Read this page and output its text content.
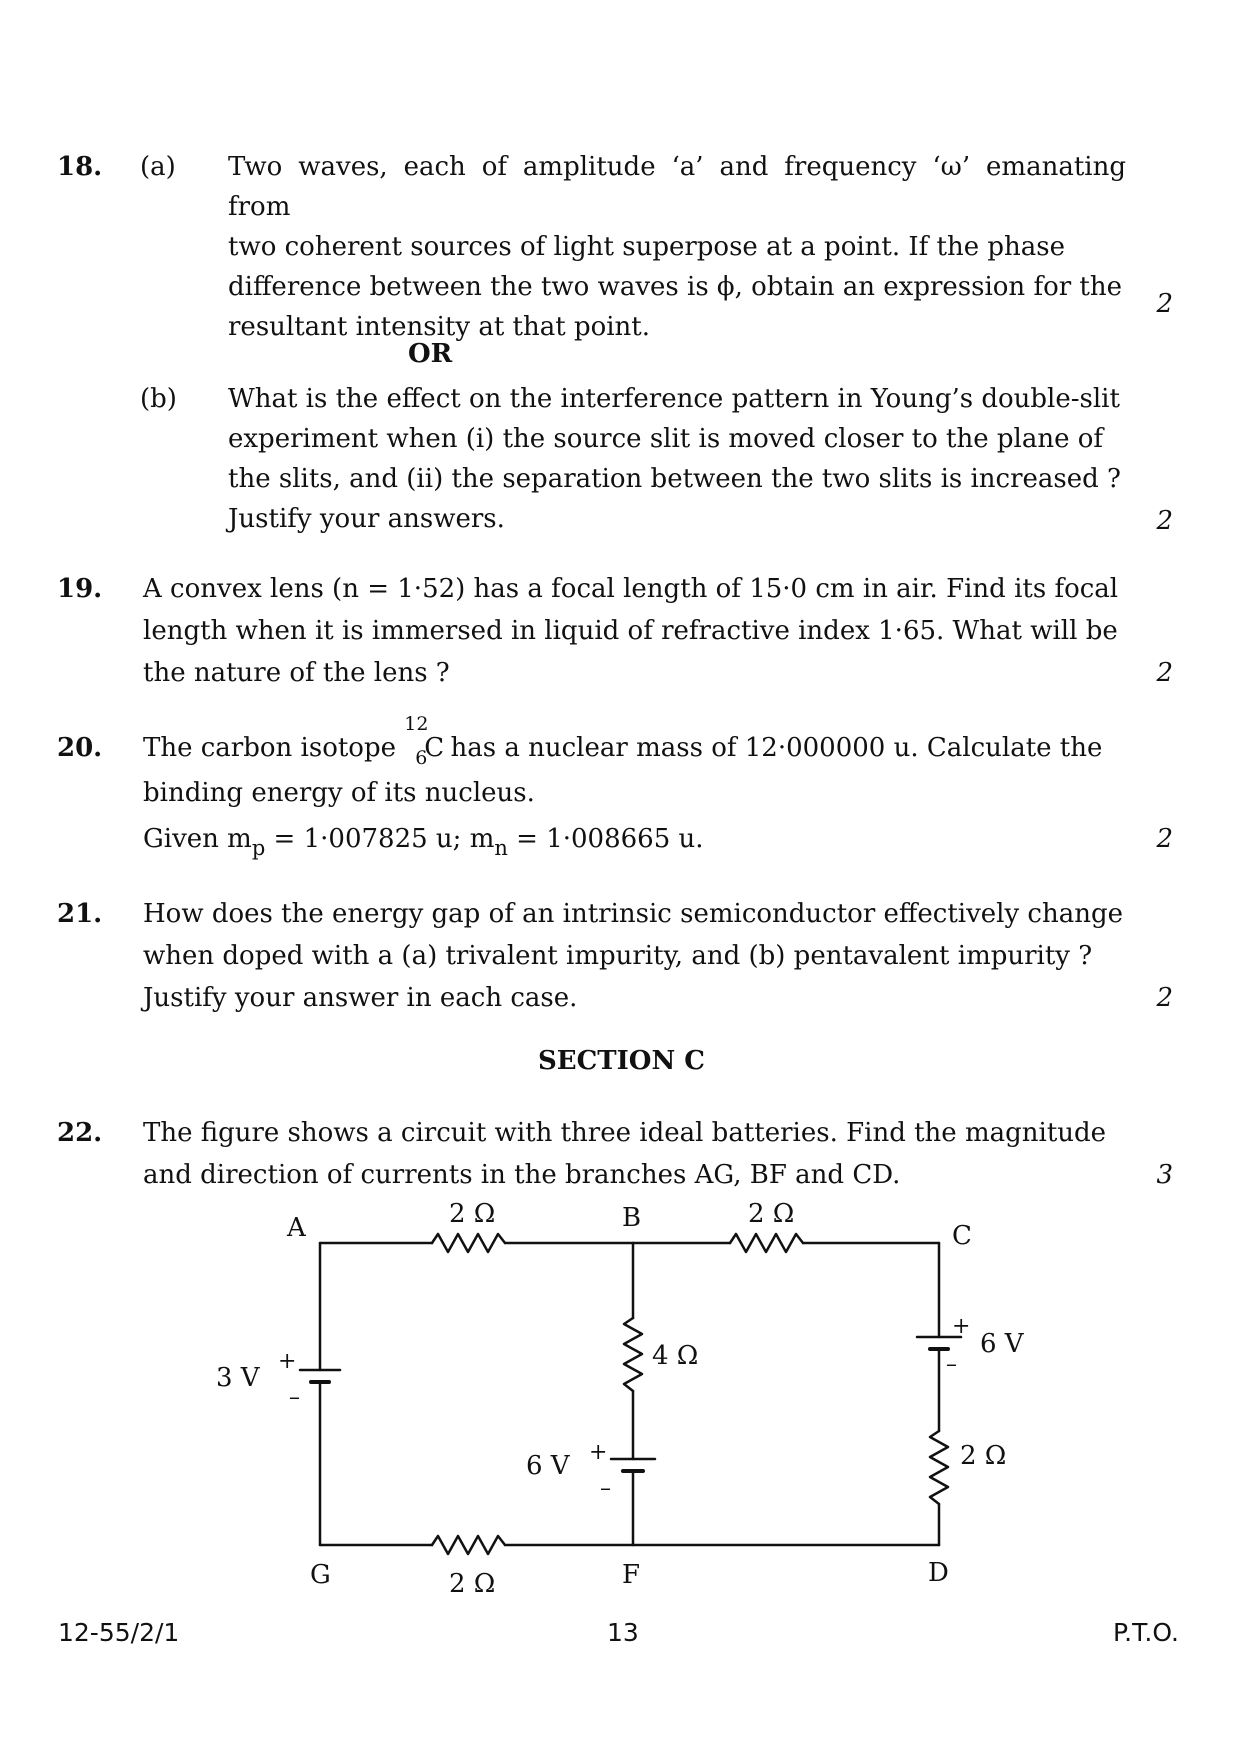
18. (a) Two waves, each of amplitude ‘a’ and frequency ‘ω’ emanating from
two coherent sources of light superpose at a point. If the phase
difference between the two waves is ϕ, obtain an expression for the
resultant intensity at that point.
2
OR
(b) What is the effect on the interference pattern in Young’s double-slit
experiment when (i) the source slit is moved closer to the plane of
the slits, and (ii) the separation between the two slits is increased ?
Justify your answers.	2
19. A convex lens (n = 1·52) has a focal length of 15·0 cm in air. Find its focal
length when it is immersed in liquid of refractive index 1·65. What will be
the nature of the lens ?	2
20. The carbon isotope
12
6
C has a nuclear mass of 12·000000 u. Calculate the
binding energy of its nucleus.
Given $m_p = 1\cdot 007825$ u; $m_n = 1\cdot 008665$ u.	2
21. How does the energy gap of an intrinsic semiconductor effectively change
when doped with a (a) trivalent impurity, and (b) pentavalent impurity ?
Justify your answer in each case.	2
SECTION C
22. The figure shows a circuit with three ideal batteries. Find the magnitude
and direction of currents in the branches AG, BF and CD.	3
A	B
C
D
F
G
2 Ω	2 Ω
4 Ω
2 Ω
2 Ω
3 V
6 V
6 V
+
–
+
–
+
–
12-55/2/1	13	P.T.O.
